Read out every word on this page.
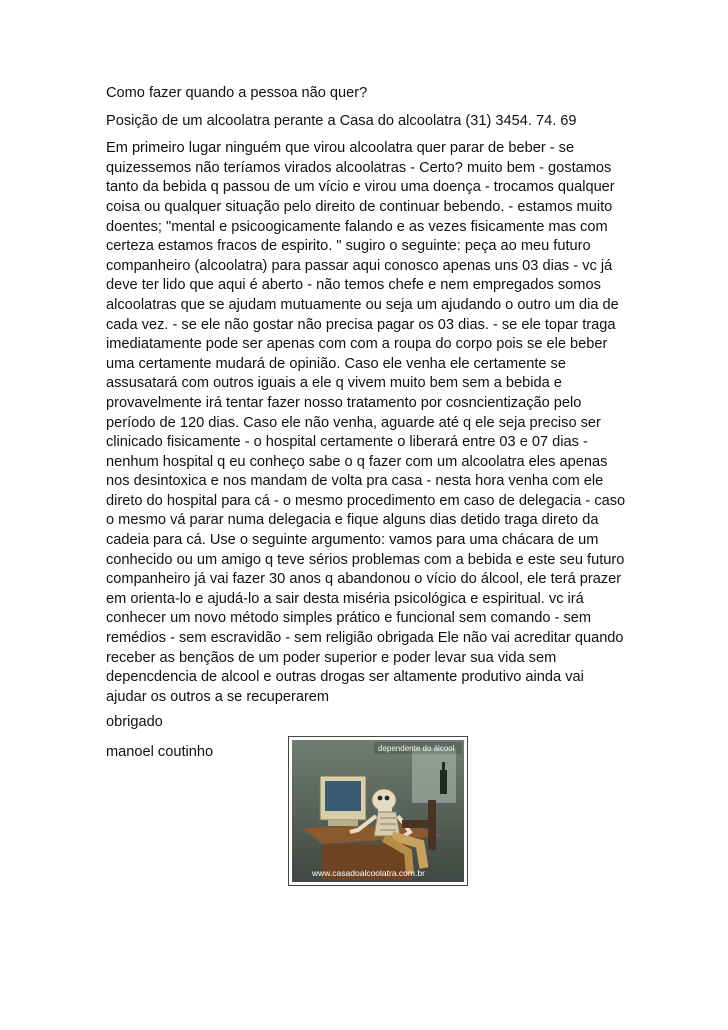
Como fazer quando a pessoa não quer?

Posição de um alcoolatra perante a Casa do alcoolatra (31) 3454. 74. 69

Em primeiro lugar ninguém que virou alcoolatra quer parar de beber - se quizessemos não teríamos virados alcoolatras - Certo? muito bem - gostamos tanto da bebida q passou de um vício e virou uma doença - trocamos qualquer coisa ou qualquer situação pelo direito de continuar bebendo. - estamos muito doentes; "mental e psicoogicamente falando e as vezes fisicamente mas com certeza estamos fracos de espirito. " sugiro o seguinte: peça ao meu futuro companheiro (alcoolatra) para passar aqui conosco apenas uns 03 dias - vc já deve ter lido que aqui é aberto - não temos chefe e nem empregados somos alcoolatras que se ajudam mutuamente ou seja um ajudando o outro um dia de cada vez. - se ele não gostar não precisa pagar os 03 dias. - se ele topar traga imediatamente pode ser apenas com com a roupa do corpo pois se ele beber uma certamente mudará de opinião. Caso ele venha ele certamente se assusatará com outros iguais a ele q vivem muito bem sem a bebida e provavelmente irá tentar fazer nosso tratamento por cosncientização pelo período de 120 dias. Caso ele não venha, aguarde até q ele seja preciso ser clinicado fisicamente - o hospital certamente o liberará entre 03 e 07 dias - nenhum hospital q eu conheço sabe o q fazer com um alcoolatra eles apenas nos desintoxica e nos mandam de volta pra casa - nesta hora venha com ele direto do hospital para cá - o mesmo procedimento em caso de delegacia - caso o mesmo vá parar numa delegacia e fique alguns dias detido traga direto da cadeia para cá. Use o seguinte argumento: vamos para uma chácara de um conhecido ou um amigo q teve sérios problemas com a bebida e este seu futuro companheiro já vai fazer 30 anos q abandonou o vício do álcool, ele terá prazer em orienta-lo e ajudá-lo a sair desta miséria psicológica e espiritual. vc irá conhecer um novo método simples prático e funcional sem comando - sem remédios - sem escravidão - sem religião obrigada Ele não vai acreditar quando receber as bençãos de um poder superior e poder levar sua vida sem depencdencia de alcool e outras drogas ser altamente produtivo ainda vai ajudar os outros a se recuperarem

obrigado

manoel coutinho	dependente do álcool
www.casadoalcoolatra.com.br
